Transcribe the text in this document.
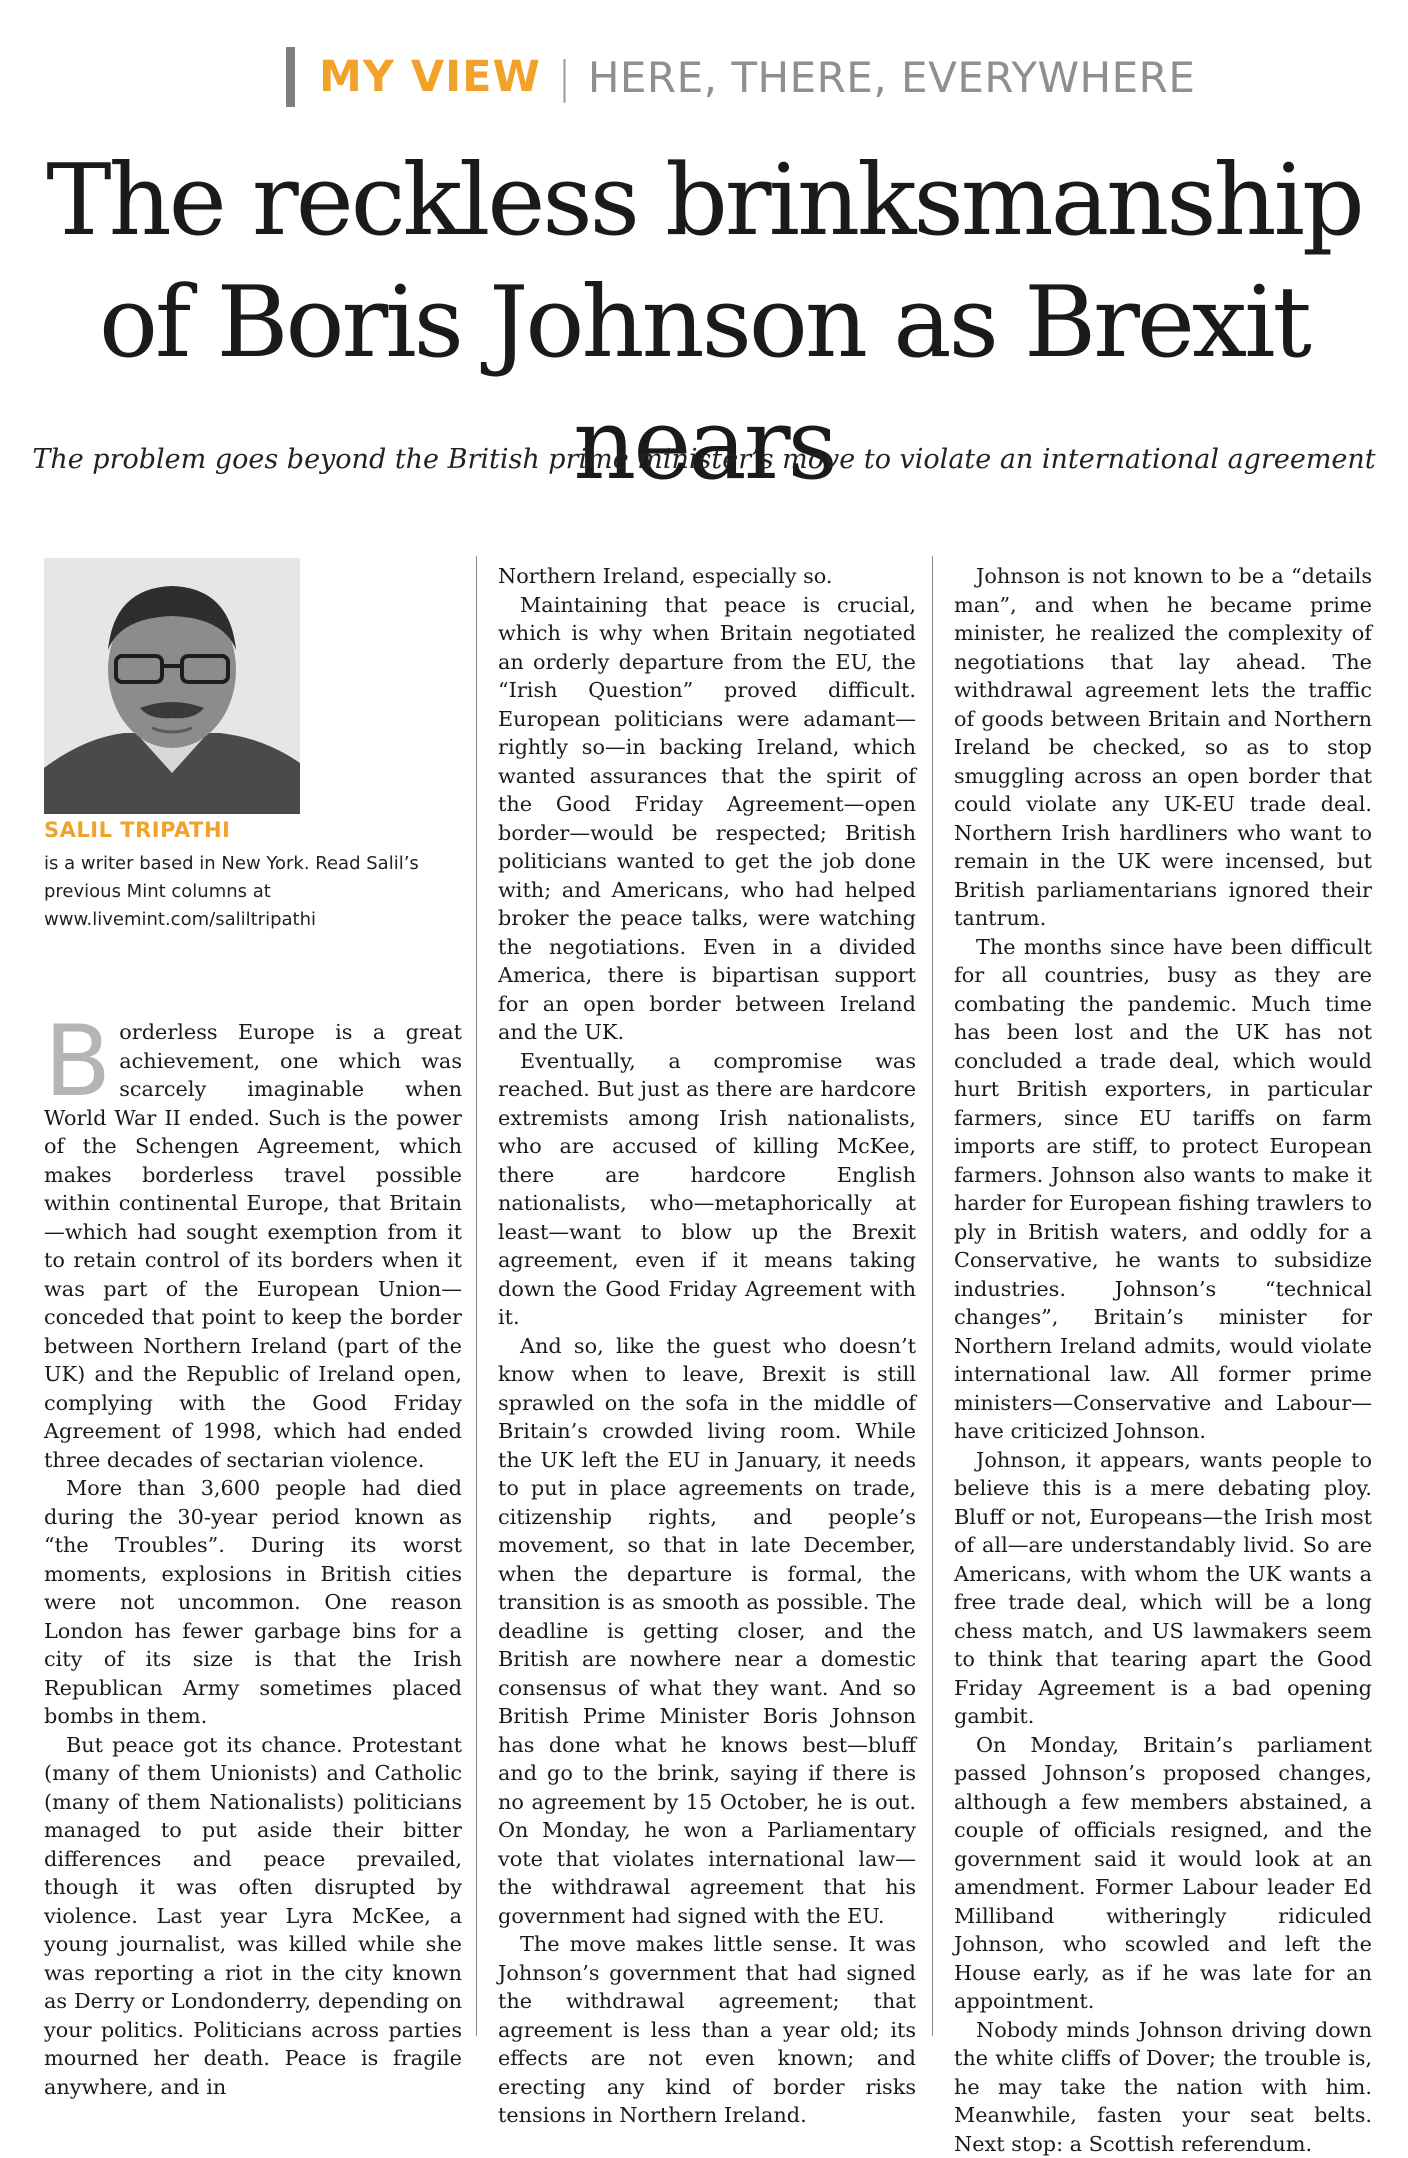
MY VIEW | HERE, THERE, EVERYWHERE
The reckless brinksmanship of Boris Johnson as Brexit nears
The problem goes beyond the British prime minister’s move to violate an international agreement
SALIL TRIPATHI
is a writer based in New York. Read Salil’s previous Mint columns at www.livemint.com/saliltripathi

Borderless Europe is a great achievement, one which was scarcely imaginable when World War II ended. Such is the power of the Schengen Agreement, which makes borderless travel possible within continental Europe, that Britain—which had sought exemption from it to retain control of its borders when it was part of the European Union—conceded that point to keep the border between Northern Ireland (part of the UK) and the Republic of Ireland open, complying with the Good Friday Agreement of 1998, which had ended three decades of sectarian violence.

More than 3,600 people had died during the 30-year period known as “the Troubles”. During its worst moments, explosions in British cities were not uncommon. One reason London has fewer garbage bins for a city of its size is that the Irish Republican Army sometimes placed bombs in them.

But peace got its chance. Protestant (many of them Unionists) and Catholic (many of them Nationalists) politicians managed to put aside their bitter differences and peace prevailed, though it was often disrupted by violence. Last year Lyra McKee, a young journalist, was killed while she was reporting a riot in the city known as Derry or Londonderry, depending on your politics. Politicians across parties mourned her death. Peace is fragile anywhere, and in

Northern Ireland, especially so.

Maintaining that peace is crucial, which is why when Britain negotiated an orderly departure from the EU, the “Irish Question” proved difficult. European politicians were adamant—rightly so—in backing Ireland, which wanted assurances that the spirit of the Good Friday Agreement—open border—would be respected; British politicians wanted to get the job done with; and Americans, who had helped broker the peace talks, were watching the negotiations. Even in a divided America, there is bipartisan support for an open border between Ireland and the UK.

Eventually, a compromise was reached. But just as there are hardcore extremists among Irish nationalists, who are accused of killing McKee, there are hardcore English nationalists, who—metaphorically at least—want to blow up the Brexit agreement, even if it means taking down the Good Friday Agreement with it.

And so, like the guest who doesn’t know when to leave, Brexit is still sprawled on the sofa in the middle of Britain’s crowded living room. While the UK left the EU in January, it needs to put in place agreements on trade, citizenship rights, and people’s movement, so that in late December, when the departure is formal, the transition is as smooth as possible. The deadline is getting closer, and the British are nowhere near a domestic consensus of what they want. And so British Prime Minister Boris Johnson has done what he knows best—bluff and go to the brink, saying if there is no agreement by 15 October, he is out. On Monday, he won a Parliamentary vote that violates international law—the withdrawal agreement that his government had signed with the EU.

The move makes little sense. It was Johnson’s government that had signed the withdrawal agreement; that agreement is less than a year old; its effects are not even known; and erecting any kind of border risks tensions in Northern Ireland.

Johnson is not known to be a “details man”, and when he became prime minister, he realized the complexity of negotiations that lay ahead. The withdrawal agreement lets the traffic of goods between Britain and Northern Ireland be checked, so as to stop smuggling across an open border that could violate any UK-EU trade deal. Northern Irish hardliners who want to remain in the UK were incensed, but British parliamentarians ignored their tantrum.

The months since have been difficult for all countries, busy as they are combating the pandemic. Much time has been lost and the UK has not concluded a trade deal, which would hurt British exporters, in particular farmers, since EU tariffs on farm imports are stiff, to protect European farmers. Johnson also wants to make it harder for European fishing trawlers to ply in British waters, and oddly for a Conservative, he wants to subsidize industries. Johnson’s “technical changes”, Britain’s minister for Northern Ireland admits, would violate international law. All former prime ministers—Conservative and Labour—have criticized Johnson.

Johnson, it appears, wants people to believe this is a mere debating ploy. Bluff or not, Europeans—the Irish most of all—are understandably livid. So are Americans, with whom the UK wants a free trade deal, which will be a long chess match, and US lawmakers seem to think that tearing apart the Good Friday Agreement is a bad opening gambit.

On Monday, Britain’s parliament passed Johnson’s proposed changes, although a few members abstained, a couple of officials resigned, and the government said it would look at an amendment. Former Labour leader Ed Milliband witheringly ridiculed Johnson, who scowled and left the House early, as if he was late for an appointment.

Nobody minds Johnson driving down the white cliffs of Dover; the trouble is, he may take the nation with him. Meanwhile, fasten your seat belts. Next stop: a Scottish referendum.
